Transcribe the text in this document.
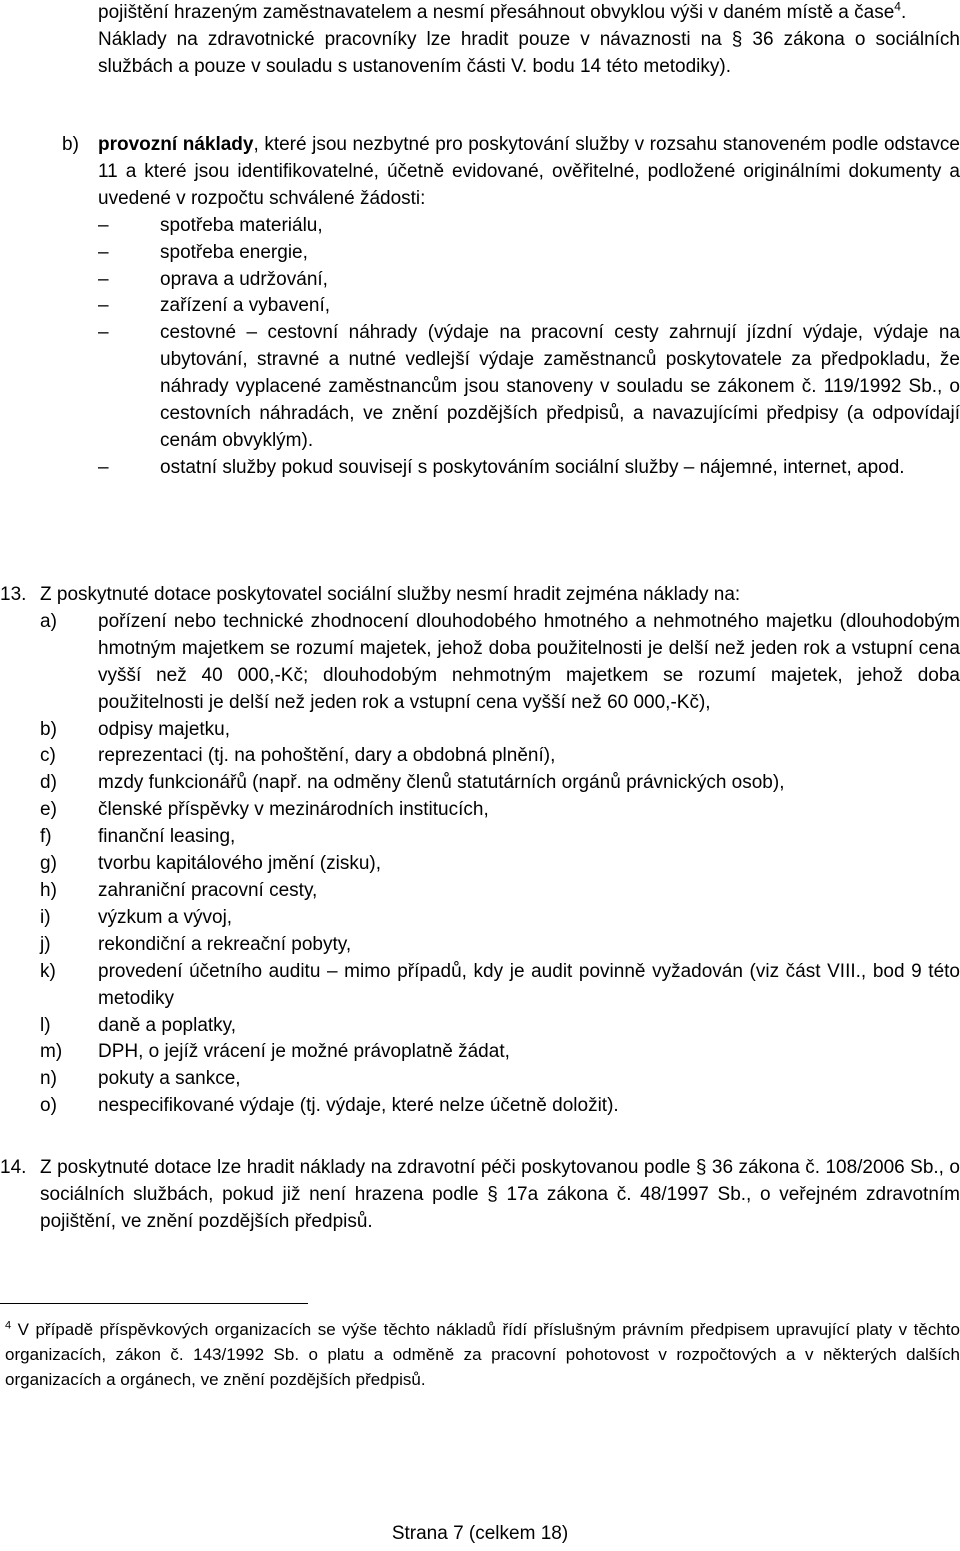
pojištění hrazeným zaměstnavatelem a nesmí přesáhnout obvyklou výši v daném místě a čase$^4$.
Náklady na zdravotnické pracovníky lze hradit pouze v návaznosti na § 36 zákona o sociálních službách a pouze v souladu s ustanovením části V. bodu 14 této metodiky).
b)	provozní náklady, které jsou nezbytné pro poskytování služby v rozsahu stanoveném podle odstavce 11 a které jsou identifikovatelné, účetně evidované, ověřitelné, podložené originálními dokumenty a uvedené v rozpočtu schválené žádosti:
–	spotřeba materiálu,
–	spotřeba energie,
–	oprava a udržování,
–	zařízení a vybavení,
–	cestovné – cestovní náhrady (výdaje na pracovní cesty zahrnují jízdní výdaje, výdaje na ubytování, stravné a nutné vedlejší výdaje zaměstnanců poskytovatele za předpokladu, že náhrady vyplacené zaměstnancům jsou stanoveny v souladu se zákonem č. 119/1992 Sb., o cestovních náhradách, ve znění pozdějších předpisů, a navazujícími předpisy (a odpovídají cenám obvyklým).
–	ostatní služby pokud souvisejí s poskytováním sociální služby – nájemné, internet, apod.
13. Z poskytnuté dotace poskytovatel sociální služby nesmí hradit zejména náklady na:
a)	pořízení nebo technické zhodnocení dlouhodobého hmotného a nehmotného majetku (dlouhodobým hmotným majetkem se rozumí majetek, jehož doba použitelnosti je delší než jeden rok a vstupní cena vyšší než 40 000,-Kč; dlouhodobým nehmotným majetkem se rozumí majetek, jehož doba použitelnosti je delší než jeden rok a vstupní cena vyšší než 60 000,-Kč),
b)	odpisy majetku,
c)	reprezentaci (tj. na pohoštění, dary a obdobná plnění),
d)	mzdy funkcionářů (např. na odměny členů statutárních orgánů právnických osob),
e)	členské příspěvky v mezinárodních institucích,
f)	finanční leasing,
g)	tvorbu kapitálového jmění (zisku),
h)	zahraniční pracovní cesty,
i)	výzkum a vývoj,
j)	rekondiční a rekreační pobyty,
k)	provedení účetního auditu – mimo případů, kdy je audit povinně vyžadován (viz část VIII., bod 9 této metodiky
l)	daně a poplatky,
m)	DPH, o jejíž vrácení je možné právoplatně žádat,
n)	pokuty a sankce,
o)	nespecifikované výdaje (tj. výdaje, které nelze účetně doložit).
14. Z poskytnuté dotace lze hradit náklady na zdravotní péči poskytovanou podle § 36 zákona č. 108/2006 Sb., o sociálních službách, pokud již není hrazena podle § 17a zákona č. 48/1997 Sb., o veřejném zdravotním pojištění, ve znění pozdějších předpisů.
$^4$ V případě příspěvkových organizacích se výše těchto nákladů řídí příslušným právním předpisem upravující platy v těchto organizacích, zákon č. 143/1992 Sb. o platu a odměně za pracovní pohotovost v rozpočtových a v některých dalších organizacích a orgánech, ve znění pozdějších předpisů.
Strana 7 (celkem 18)
